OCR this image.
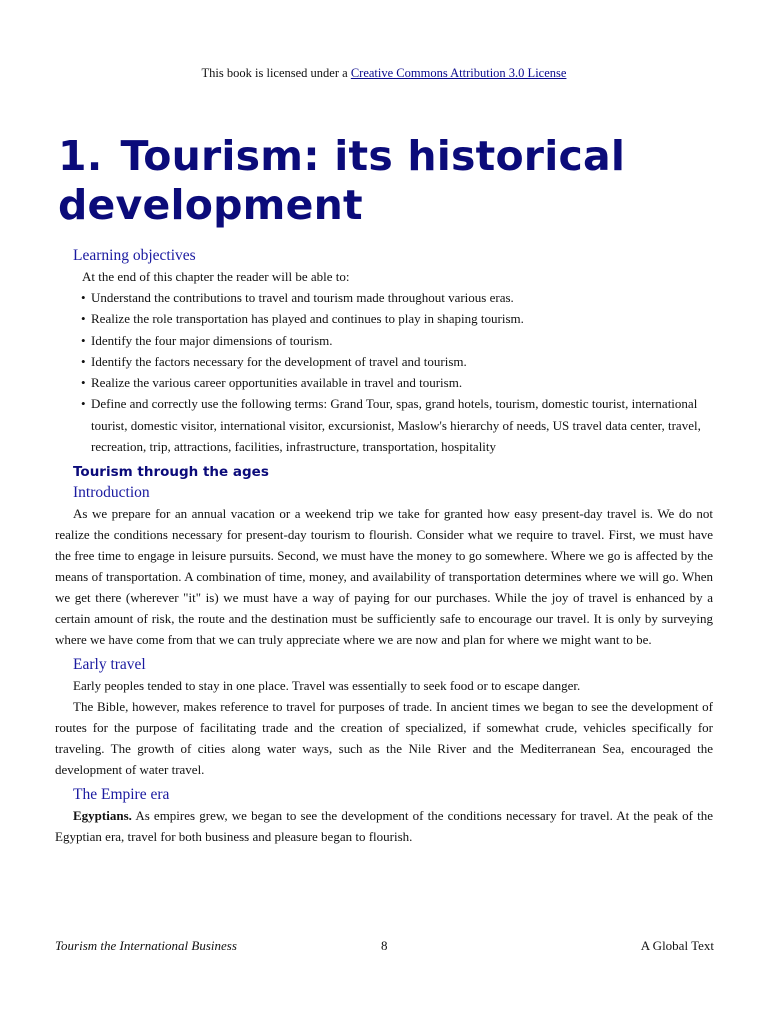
This book is licensed under a Creative Commons Attribution 3.0 License
1. Tourism: its historical development
Learning objectives

At the end of this chapter the reader will be able to:

• Understand the contributions to travel and tourism made throughout various eras.
• Realize the role transportation has played and continues to play in shaping tourism.
• Identify the four major dimensions of tourism.
• Identify the factors necessary for the development of travel and tourism.
• Realize the various career opportunities available in travel and tourism.
• Define and correctly use the following terms: Grand Tour, spas, grand hotels, tourism, domestic tourist, international tourist, domestic visitor, international visitor, excursionist, Maslow's hierarchy of needs, US travel data center, travel, recreation, trip, attractions, facilities, infrastructure, transportation, hospitality
Tourism through the ages
Introduction

As we prepare for an annual vacation or a weekend trip we take for granted how easy present-day travel is. We do not realize the conditions necessary for present-day tourism to flourish. Consider what we require to travel. First, we must have the free time to engage in leisure pursuits. Second, we must have the money to go somewhere. Where we go is affected by the means of transportation. A combination of time, money, and availability of transportation determines where we will go. When we get there (wherever "it" is) we must have a way of paying for our purchases. While the joy of travel is enhanced by a certain amount of risk, the route and the destination must be sufficiently safe to encourage our travel. It is only by surveying where we have come from that we can truly appreciate where we are now and plan for where we might want to be.

Early travel

Early peoples tended to stay in one place. Travel was essentially to seek food or to escape danger.

The Bible, however, makes reference to travel for purposes of trade. In ancient times we began to see the development of routes for the purpose of facilitating trade and the creation of specialized, if somewhat crude, vehicles specifically for traveling. The growth of cities along water ways, such as the Nile River and the Mediterranean Sea, encouraged the development of water travel.

The Empire era

Egyptians. As empires grew, we began to see the development of the conditions necessary for travel. At the peak of the Egyptian era, travel for both business and pleasure began to flourish.

Tourism the International Business	8	A Global Text
